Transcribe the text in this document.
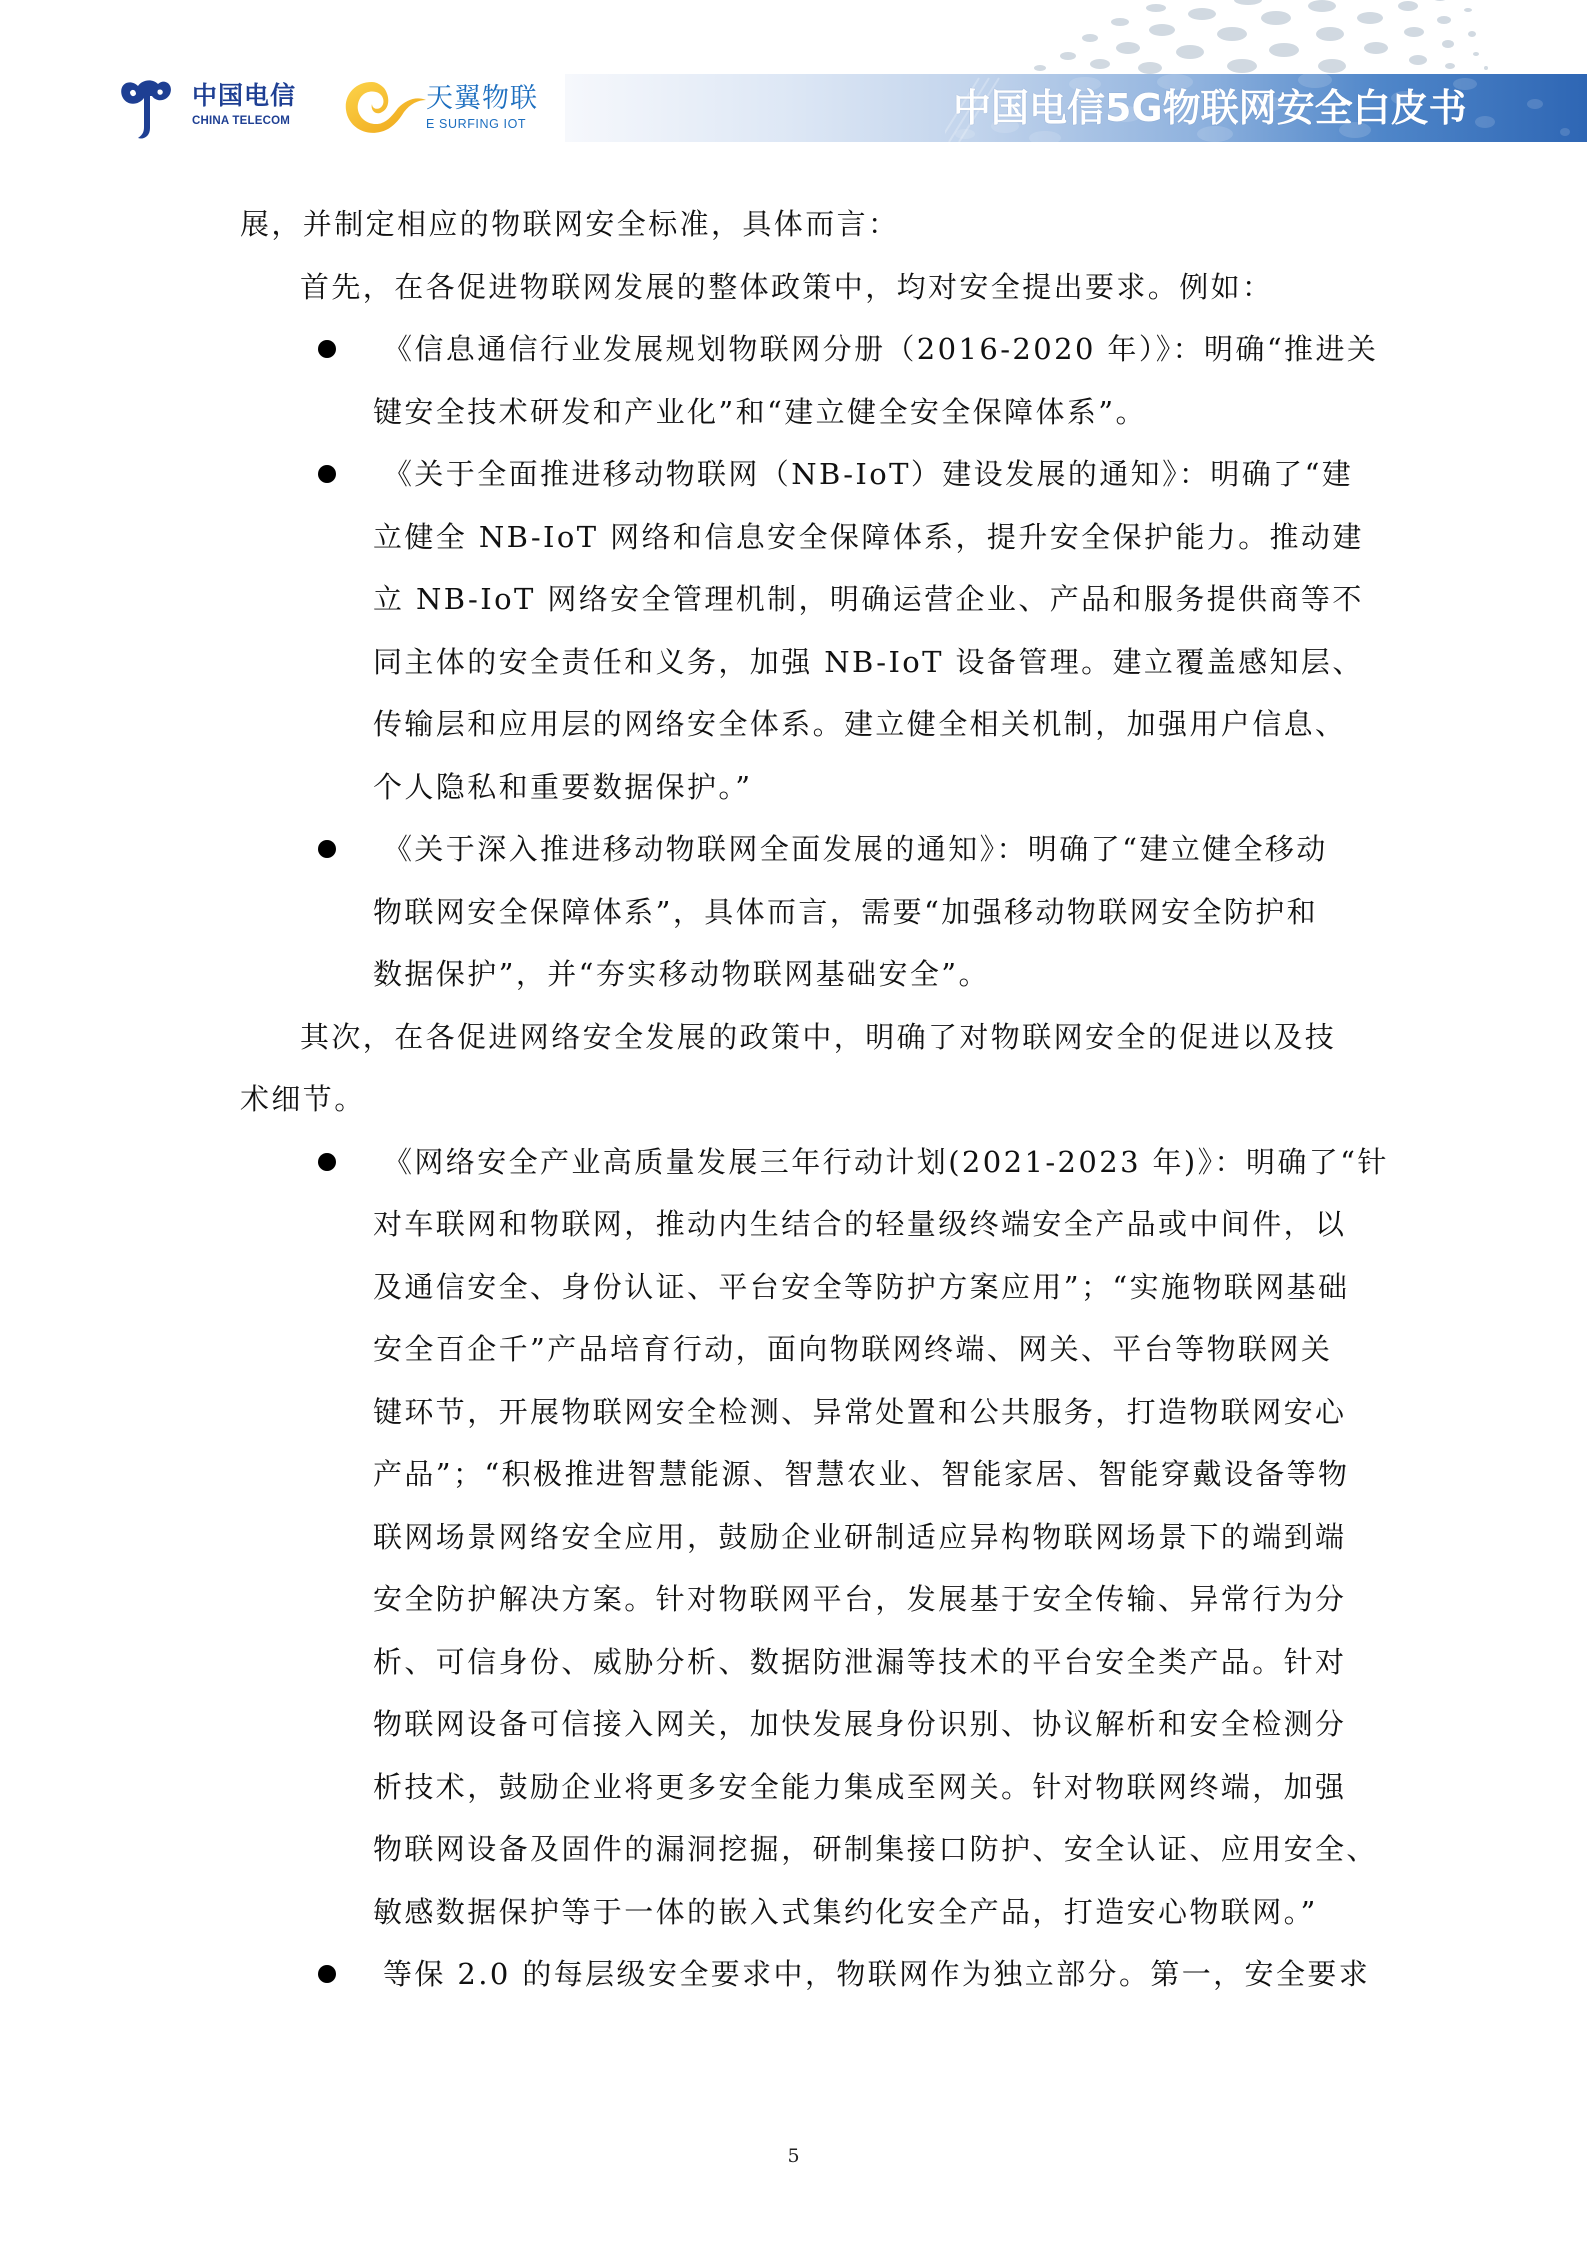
中国电信5G物联网安全白皮书
中国电信
CHINA TELECOM
天翼物联
E SURFING IOT
展，并制定相应的物联网安全标准，具体而言：
首先，在各促进物联网发展的整体政策中，均对安全提出要求。例如：
《信息通信行业发展规划物联网分册（2016-2020 年）》：明确“推进关
键安全技术研发和产业化”和“建立健全安全保障体系”。
《关于全面推进移动物联网（NB-IoT）建设发展的通知》：明确了“建
立健全 NB-IoT 网络和信息安全保障体系，提升安全保护能力。推动建
立 NB-IoT 网络安全管理机制，明确运营企业、产品和服务提供商等不
同主体的安全责任和义务，加强 NB-IoT 设备管理。建立覆盖感知层、
传输层和应用层的网络安全体系。建立健全相关机制，加强用户信息、
个人隐私和重要数据保护。”
《关于深入推进移动物联网全面发展的通知》：明确了“建立健全移动
物联网安全保障体系”，具体而言，需要“加强移动物联网安全防护和
数据保护”，并“夯实移动物联网基础安全”。
其次，在各促进网络安全发展的政策中，明确了对物联网安全的促进以及技
术细节。
《网络安全产业高质量发展三年行动计划(2021-2023 年)》：明确了“针
对车联网和物联网，推动内生结合的轻量级终端安全产品或中间件，以
及通信安全、身份认证、平台安全等防护方案应用”；“实施物联网基础
安全百企千”产品培育行动，面向物联网终端、网关、平台等物联网关
键环节，开展物联网安全检测、异常处置和公共服务，打造物联网安心
产品”；“积极推进智慧能源、智慧农业、智能家居、智能穿戴设备等物
联网场景网络安全应用，鼓励企业研制适应异构物联网场景下的端到端
安全防护解决方案。针对物联网平台，发展基于安全传输、异常行为分
析、可信身份、威胁分析、数据防泄漏等技术的平台安全类产品。针对
物联网设备可信接入网关，加快发展身份识别、协议解析和安全检测分
析技术，鼓励企业将更多安全能力集成至网关。针对物联网终端，加强
物联网设备及固件的漏洞挖掘，研制集接口防护、安全认证、应用安全、
敏感数据保护等于一体的嵌入式集约化安全产品，打造安心物联网。”
等保 2.0 的每层级安全要求中，物联网作为独立部分。第一，安全要求
5
